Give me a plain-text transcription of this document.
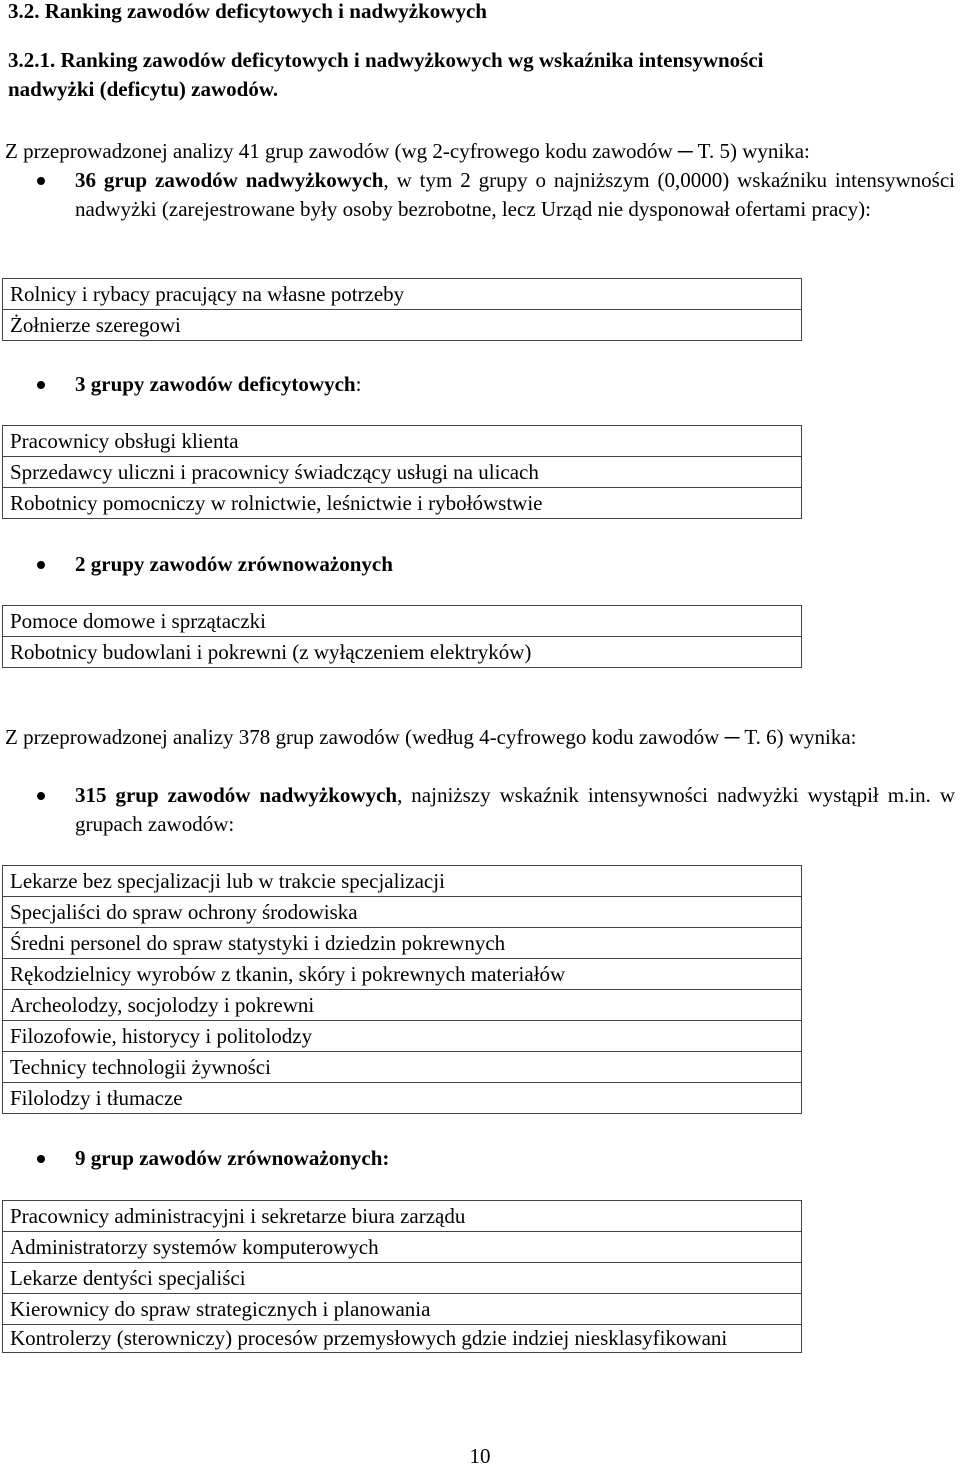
3.2. Ranking zawodów deficytowych i nadwyżkowych
3.2.1. Ranking zawodów deficytowych i nadwyżkowych wg wskaźnika intensywności
nadwyżki (deficytu) zawodów.

Z przeprowadzonej analizy 41 grup zawodów (wg 2-cyfrowego kodu zawodów ─ T. 5) wynika:

36 grup zawodów nadwyżkowych, w tym 2 grupy o najniższym (0,0000) wskaźniku intensywności nadwyżki (zarejestrowane były osoby bezrobotne, lecz Urząd nie dysponował ofertami pracy):
Rolnicy i rybacy pracujący na własne potrzeby
Żołnierze szeregowi
3 grupy zawodów deficytowych:
Pracownicy obsługi klienta
Sprzedawcy uliczni i pracownicy świadczący usługi na ulicach
Robotnicy pomocniczy w rolnictwie, leśnictwie i rybołówstwie
2 grupy zawodów zrównoważonych
Pomoce domowe i sprzątaczki
Robotnicy budowlani i pokrewni (z wyłączeniem elektryków)

Z przeprowadzonej analizy 378 grup zawodów (według 4-cyfrowego kodu zawodów ─ T. 6) wynika:

315 grup zawodów nadwyżkowych, najniższy wskaźnik intensywności nadwyżki wystąpił m.in. w grupach zawodów:
Lekarze bez specjalizacji lub w trakcie specjalizacji
Specjaliści do spraw ochrony środowiska
Średni personel do spraw statystyki i dziedzin pokrewnych
Rękodzielnicy wyrobów z tkanin, skóry i pokrewnych materiałów
Archeolodzy, socjolodzy i pokrewni
Filozofowie, historycy i politolodzy
Technicy technologii żywności
Filolodzy i tłumacze
9 grup zawodów zrównoważonych:
Pracownicy administracyjni i sekretarze biura zarządu
Administratorzy systemów komputerowych
Lekarze dentyści specjaliści
Kierownicy do spraw strategicznych i planowania
Kontrolerzy (sterowniczy) procesów przemysłowych gdzie indziej niesklasyfikowani
10
